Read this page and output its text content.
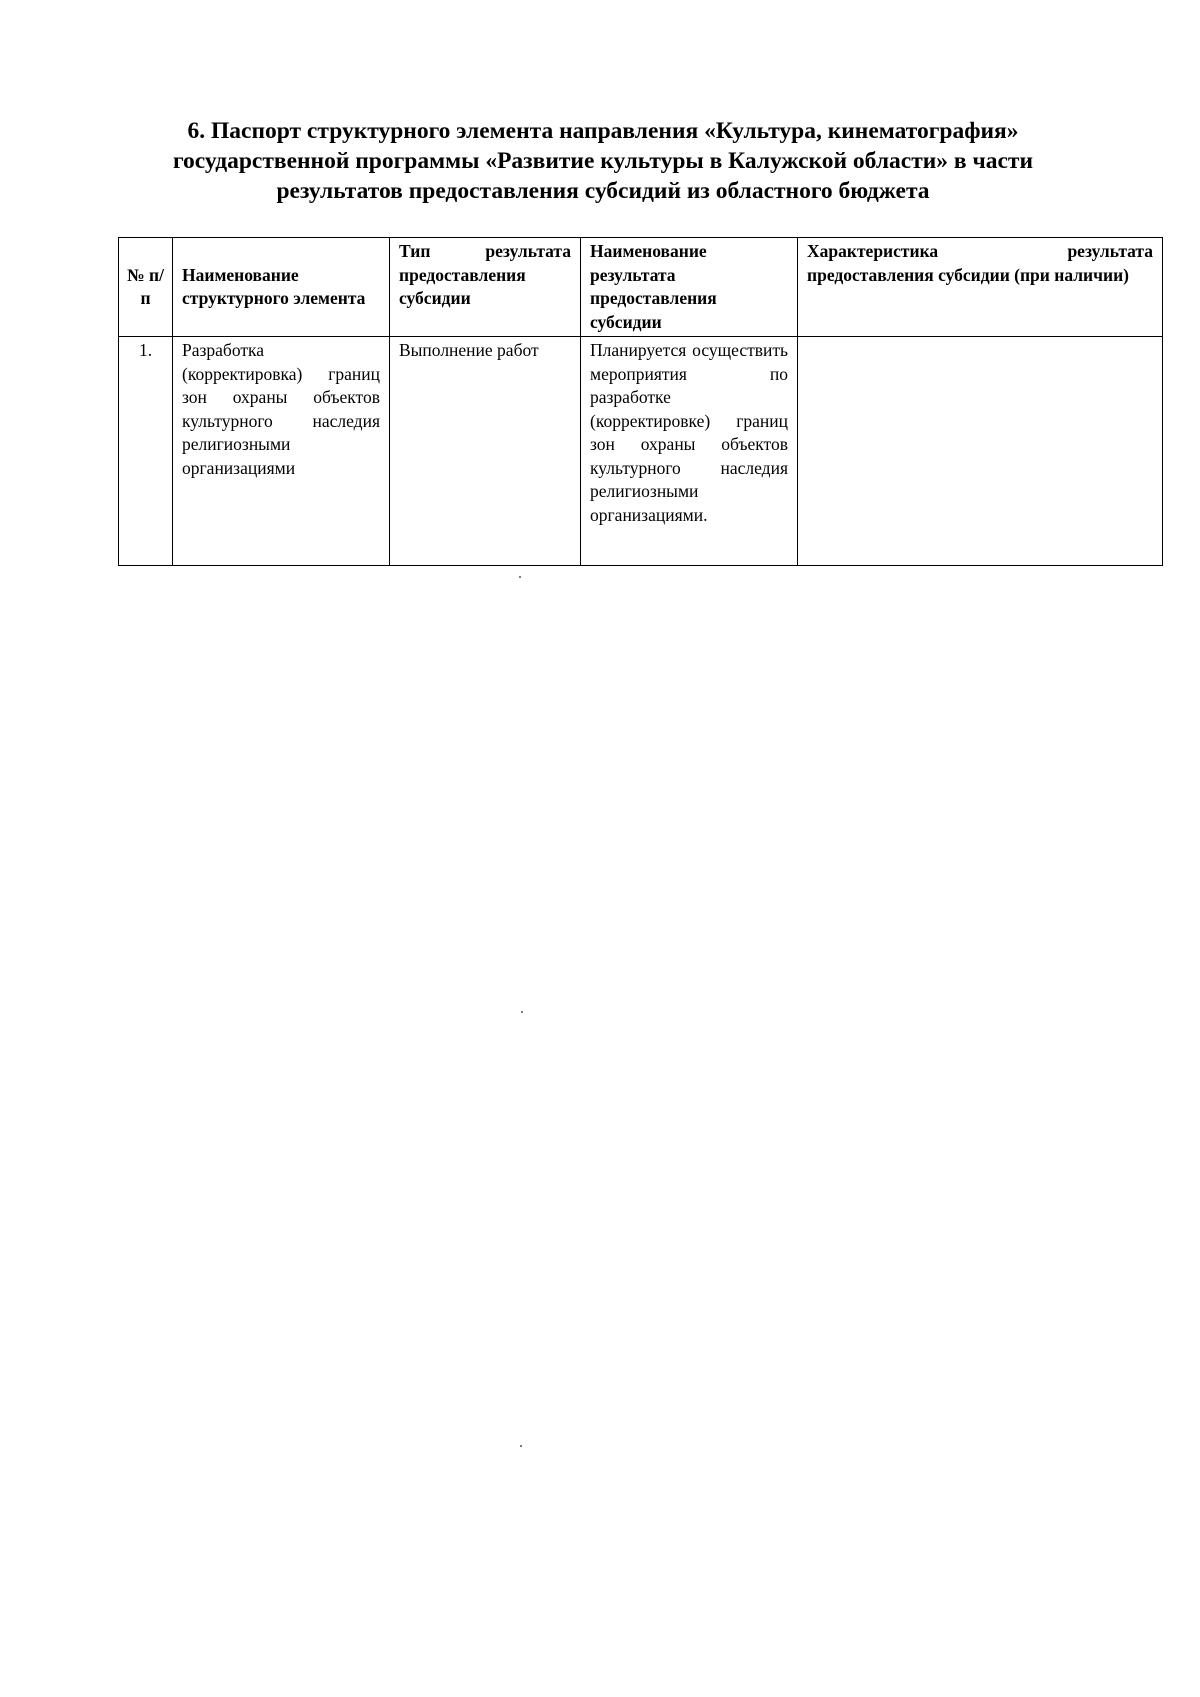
6. Паспорт структурного элемента направления «Культура, кинематография»
государственной программы «Развитие культуры в Калужской области» в части
результатов предоставления субсидий из областного бюджета
№ п/п	Наименование структурного элемента	Тип результата предоставления субсидии	Наименование результата предоставления субсидии	Характеристика результата предоставления субсидии (при наличии)
1.	Разработка (корректировка) границ зон охраны объектов культурного наследия религиозными организациями	Выполнение работ	Планируется осуществить мероприятия по разработке (корректировке) границ зон охраны объектов культурного наследия религиозными организациями.	
